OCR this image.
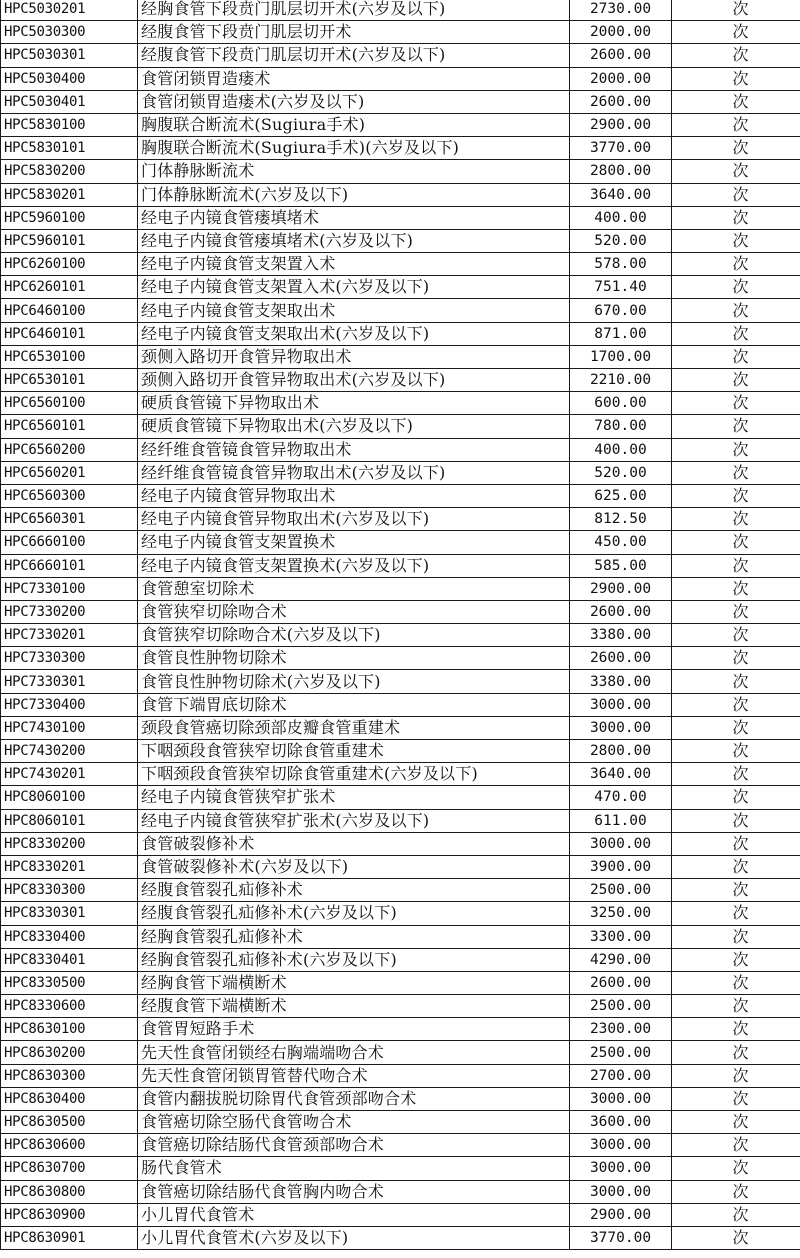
HPC5030201	经胸食管下段贲门肌层切开术(六岁及以下)	2730.00	次
HPC5030300	经腹食管下段贲门肌层切开术	2000.00	次
HPC5030301	经腹食管下段贲门肌层切开术(六岁及以下)	2600.00	次
HPC5030400	食管闭锁胃造瘘术	2000.00	次
HPC5030401	食管闭锁胃造瘘术(六岁及以下)	2600.00	次
HPC5830100	胸腹联合断流术(Sugiura手术)	2900.00	次
HPC5830101	胸腹联合断流术(Sugiura手术)(六岁及以下)	3770.00	次
HPC5830200	门体静脉断流术	2800.00	次
HPC5830201	门体静脉断流术(六岁及以下)	3640.00	次
HPC5960100	经电子内镜食管瘘填堵术	400.00	次
HPC5960101	经电子内镜食管瘘填堵术(六岁及以下)	520.00	次
HPC6260100	经电子内镜食管支架置入术	578.00	次
HPC6260101	经电子内镜食管支架置入术(六岁及以下)	751.40	次
HPC6460100	经电子内镜食管支架取出术	670.00	次
HPC6460101	经电子内镜食管支架取出术(六岁及以下)	871.00	次
HPC6530100	颈侧入路切开食管异物取出术	1700.00	次
HPC6530101	颈侧入路切开食管异物取出术(六岁及以下)	2210.00	次
HPC6560100	硬质食管镜下异物取出术	600.00	次
HPC6560101	硬质食管镜下异物取出术(六岁及以下)	780.00	次
HPC6560200	经纤维食管镜食管异物取出术	400.00	次
HPC6560201	经纤维食管镜食管异物取出术(六岁及以下)	520.00	次
HPC6560300	经电子内镜食管异物取出术	625.00	次
HPC6560301	经电子内镜食管异物取出术(六岁及以下)	812.50	次
HPC6660100	经电子内镜食管支架置换术	450.00	次
HPC6660101	经电子内镜食管支架置换术(六岁及以下)	585.00	次
HPC7330100	食管憩室切除术	2900.00	次
HPC7330200	食管狭窄切除吻合术	2600.00	次
HPC7330201	食管狭窄切除吻合术(六岁及以下)	3380.00	次
HPC7330300	食管良性肿物切除术	2600.00	次
HPC7330301	食管良性肿物切除术(六岁及以下)	3380.00	次
HPC7330400	食管下端胃底切除术	3000.00	次
HPC7430100	颈段食管癌切除颈部皮瓣食管重建术	3000.00	次
HPC7430200	下咽颈段食管狭窄切除食管重建术	2800.00	次
HPC7430201	下咽颈段食管狭窄切除食管重建术(六岁及以下)	3640.00	次
HPC8060100	经电子内镜食管狭窄扩张术	470.00	次
HPC8060101	经电子内镜食管狭窄扩张术(六岁及以下)	611.00	次
HPC8330200	食管破裂修补术	3000.00	次
HPC8330201	食管破裂修补术(六岁及以下)	3900.00	次
HPC8330300	经腹食管裂孔疝修补术	2500.00	次
HPC8330301	经腹食管裂孔疝修补术(六岁及以下)	3250.00	次
HPC8330400	经胸食管裂孔疝修补术	3300.00	次
HPC8330401	经胸食管裂孔疝修补术(六岁及以下)	4290.00	次
HPC8330500	经胸食管下端横断术	2600.00	次
HPC8330600	经腹食管下端横断术	2500.00	次
HPC8630100	食管胃短路手术	2300.00	次
HPC8630200	先天性食管闭锁经右胸端端吻合术	2500.00	次
HPC8630300	先天性食管闭锁胃管替代吻合术	2700.00	次
HPC8630400	食管内翻拔脱切除胃代食管颈部吻合术	3000.00	次
HPC8630500	食管癌切除空肠代食管吻合术	3600.00	次
HPC8630600	食管癌切除结肠代食管颈部吻合术	3000.00	次
HPC8630700	肠代食管术	3000.00	次
HPC8630800	食管癌切除结肠代食管胸内吻合术	3000.00	次
HPC8630900	小儿胃代食管术	2900.00	次
HPC8630901	小儿胃代食管术(六岁及以下)	3770.00	次
